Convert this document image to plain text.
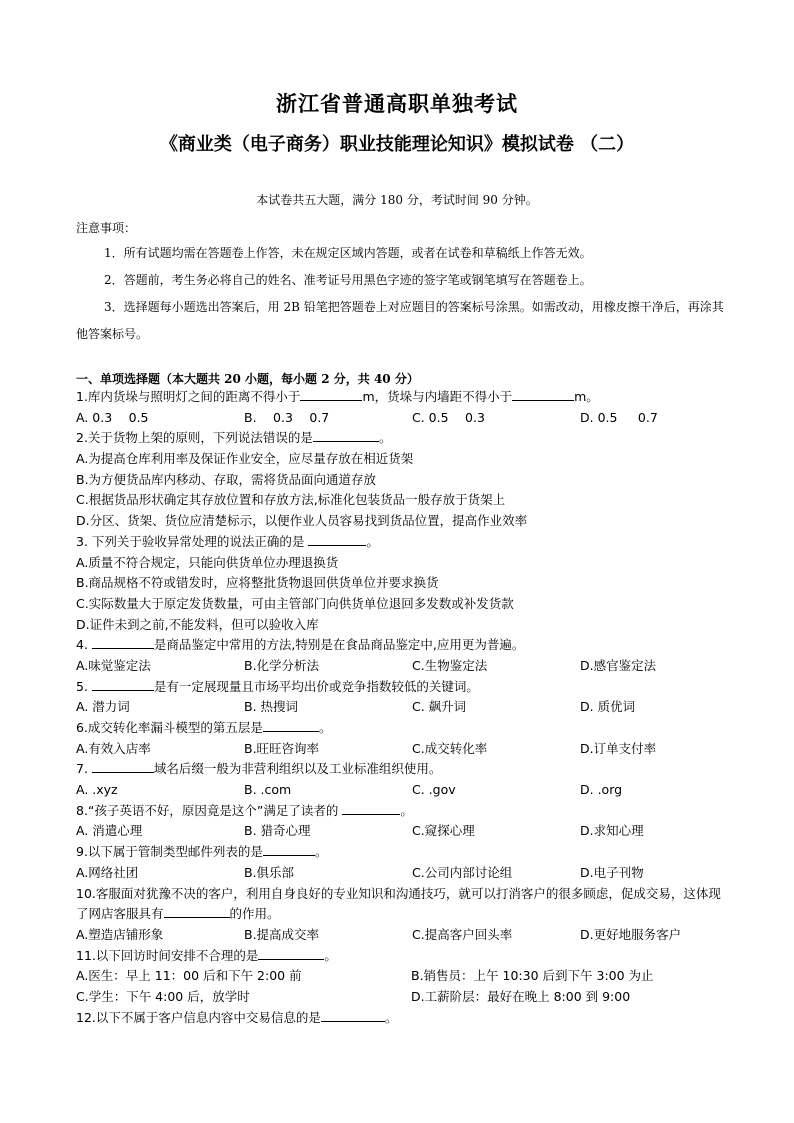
浙江省普通高职单独考试
《商业类（电子商务）职业技能理论知识》模拟试卷 （二）
本试卷共五大题，满分 180 分，考试时间 90 分钟。
注意事项：
1．所有试题均需在答题卷上作答，未在规定区域内答题，或者在试卷和草稿纸上作答无效。
2．答题前，考生务必将自己的姓名、准考证号用黑色字迹的签字笔或钢笔填写在答题卷上。
3．选择题每小题选出答案后，用 2B 铅笔把答题卷上对应题目的答案标号涂黑。如需改动，用橡皮擦干净后，再涂其他答案标号。
一、单项选择题（本大题共 20 小题，每小题 2 分，共 40 分）
1.库内货垛与照明灯之间的距离不得小于	m，货垛与内墙距不得小于	m。
A. 0.3 　0.5	B. 　0.3 　0.7	C. 0.5 　0.3	D. 0.5 　 0.7
2.关于货物上架的原则，下列说法错误的是	。
A.为提高仓库利用率及保证作业安全，应尽量存放在相近货架
B.为方便货品库内移动、存取，需将货品面向通道存放
C.根据货品形状确定其存放位置和存放方法,标准化包装货品一般存放于货架上
D.分区、货架、货位应清楚标示，以便作业人员容易找到货品位置，提高作业效率
3. 下列关于验收异常处理的说法正确的是	。
A.质量不符合规定，只能向供货单位办理退换货
B.商品规格不符或错发时，应将整批货物退回供货单位并要求换货
C.实际数量大于原定发货数量，可由主管部门向供货单位退回多发数或补发货款
D.证件未到之前,不能发料，但可以验收入库
4.	是商品鉴定中常用的方法,特别是在食品商品鉴定中,应用更为普遍。
A.味觉鉴定法	B.化学分析法	C.生物鉴定法	D.感官鉴定法
5.	是有一定展现量且市场平均出价或竞争指数较低的关键词。
A. 潜力词	B. 热搜词	C. 飙升词	D. 质优词
6.成交转化率漏斗模型的第五层是	。
A.有效入店率	B.旺旺咨询率	C.成交转化率	D.订单支付率
7.	域名后缀一般为非营利组织以及工业标准组织使用。
A. .xyz	B. .com	C. .gov	D. .org
8.“孩子英语不好，原因竟是这个”满足了读者的	。
A. 消遣心理	B. 猎奇心理	C.窥探心理	D.求知心理
9.以下属于管制类型邮件列表的是	。
A.网络社团	B.俱乐部	C.公司内部讨论组	D.电子刊物
10.客服面对犹豫不决的客户，利用自身良好的专业知识和沟通技巧，就可以打消客户的很多顾虑，促成交易，这体现了网店客服具有	的作用。
A.塑造店铺形象	B.提高成交率	C.提高客户回头率	D.更好地服务客户
11.以下回访时间安排不合理的是	。
A.医生：早上 11：00 后和下午 2:00 前	B.销售员：上午 10:30 后到下午 3:00 为止
C.学生：下午 4:00 后，放学时	D.工薪阶层：最好在晚上 8:00 到 9:00
12.以下不属于客户信息内容中交易信息的是	。
